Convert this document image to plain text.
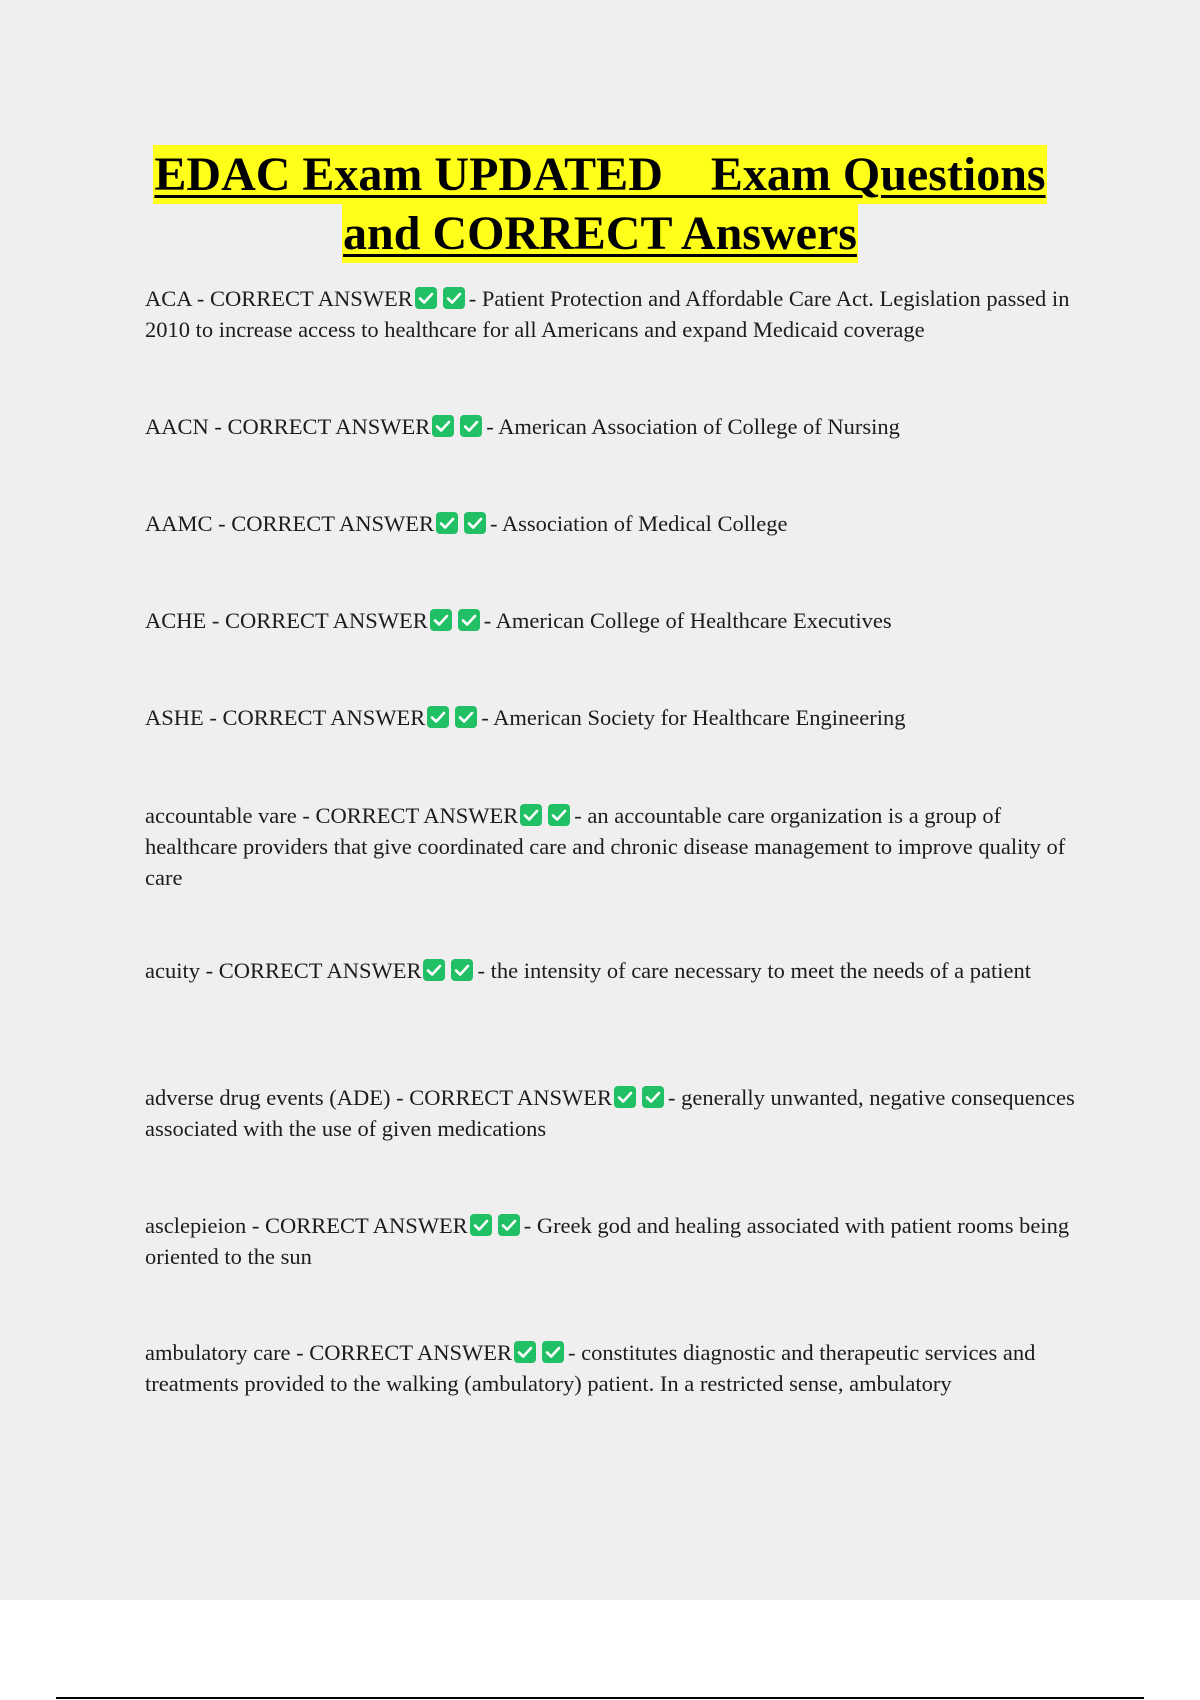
EDAC Exam UPDATED    Exam Questions
and CORRECT Answers
ACA - CORRECT ANSWER - Patient Protection and Affordable Care Act. Legislation passed in 2010 to increase access to healthcare for all Americans and expand Medicaid coverage
AACN - CORRECT ANSWER - American Association of College of Nursing
AAMC - CORRECT ANSWER - Association of Medical College
ACHE - CORRECT ANSWER - American College of Healthcare Executives
ASHE - CORRECT ANSWER - American Society for Healthcare Engineering
accountable vare - CORRECT ANSWER - an accountable care organization is a group of healthcare providers that give coordinated care and chronic disease management to improve quality of care
acuity - CORRECT ANSWER - the intensity of care necessary to meet the needs of a patient
adverse drug events (ADE) - CORRECT ANSWER - generally unwanted, negative consequences associated with the use of given medications
asclepieion - CORRECT ANSWER - Greek god and healing associated with patient rooms being oriented to the sun
ambulatory care - CORRECT ANSWER - constitutes diagnostic and therapeutic services and treatments provided to the walking (ambulatory) patient. In a restricted sense, ambulatory
